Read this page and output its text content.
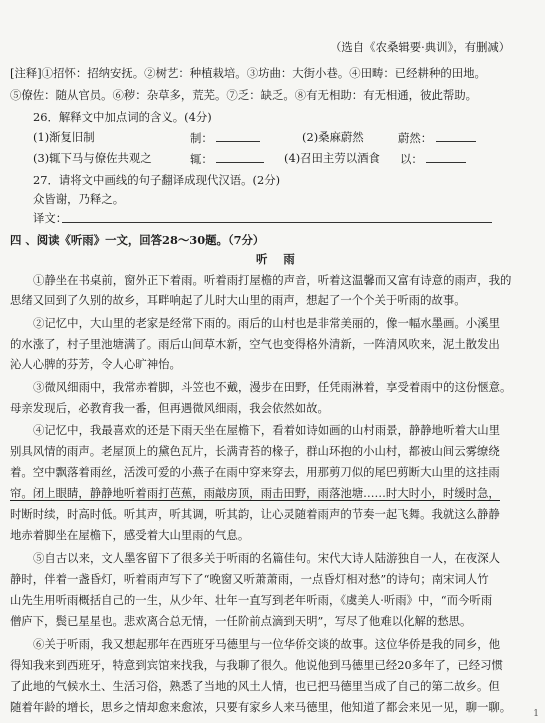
（选自《农桑辑要·典训》，有删减）
[注释]①招怀：招纳安抚。②树艺：种植栽培。③坊曲：大街小巷。④田畴：已经耕种的田地。
⑤僚佐：随从官员。⑥秽：杂草多，荒芜。⑦乏：缺乏。⑧有无相助：有无相通，彼此帮助。
26．解释文中加点词的含义。(4分)
(1)渐复旧制	制：	(2)桑麻蔚然	蔚然：
(3)辄下马与僚佐共观之	辄：	(4)召田主劳以酒食 以：
27．请将文中画线的句子翻译成现代汉语。(2分)
众皆谢，乃释之。
译文：
四 、阅读《听雨》一文，回答28～30题。（7分）
听 雨
①静坐在书桌前，窗外正下着雨。听着雨打屋檐的声音，听着这温馨而又富有诗意的雨声，我的
思绪又回到了久别的故乡，耳畔响起了儿时大山里的雨声，想起了一个个关于听雨的故事。
②记忆中，大山里的老家是经常下雨的。雨后的山村也是非常美丽的，像一幅水墨画。小溪里
的水涨了，村子里池塘满了。雨后山间草木新，空气也变得格外清新，一阵清风吹来，泥土散发出
沁人心脾的芬芳，令人心旷神怡。
③微风细雨中，我常赤着脚，斗笠也不戴，漫步在田野，任凭雨淋着，享受着雨中的这份惬意。
母亲发现后，必教育我一番，但再遇微风细雨，我会依然如故。
④记忆中，我最喜欢的还是下雨天坐在屋檐下，看着如诗如画的山村雨景，静静地听着大山里
别具风情的雨声。老屋顶上的黛色瓦片，长满青苔的椽子，群山环抱的小山村，都被山间云雾缭绕
着。空中飘落着雨丝，活泼可爱的小燕子在雨中穿来穿去，用那剪刀似的尾巴剪断大山里的这挂雨
帘。闭上眼睛，静静地听着雨打芭蕉，雨敲房顶，雨击田野，雨落池塘……时大时小，时缓时急，
时断时续，时高时低。听其声，听其调，听其韵，让心灵随着雨声的节奏一起飞舞。我就这么静静
地赤着脚坐在屋檐下，感受着大山里雨的气息。
⑤自古以来，文人墨客留下了很多关于听雨的名篇佳句。宋代大诗人陆游独自一人，在夜深人
静时，伴着一盏昏灯，听着雨声写下了“晚窗又听萧萧雨，一点昏灯相对愁”的诗句；南宋词人竹
山先生用听雨概括自己的一生，从少年、壮年一直写到老年听雨，《虞美人·听雨》中，“而今听雨
僧庐下，鬓已星星也。悲欢离合总无情，一任阶前点滴到天明”，写尽了他难以化解的愁思。
⑥关于听雨，我又想起那年在西班牙马德里与一位华侨交谈的故事。这位华侨是我的同乡，他
得知我来到西班牙，特意到宾馆来找我，与我聊了很久。他说他到马德里已经20多年了，已经习惯
了此地的气候水土、生活习俗，熟悉了当地的风土人情，也已把马德里当成了自己的第二故乡。但
随着年龄的增长，思乡之情却愈来愈浓，只要有家乡人来马德里，他知道了都会来见一见，聊一聊。 1
